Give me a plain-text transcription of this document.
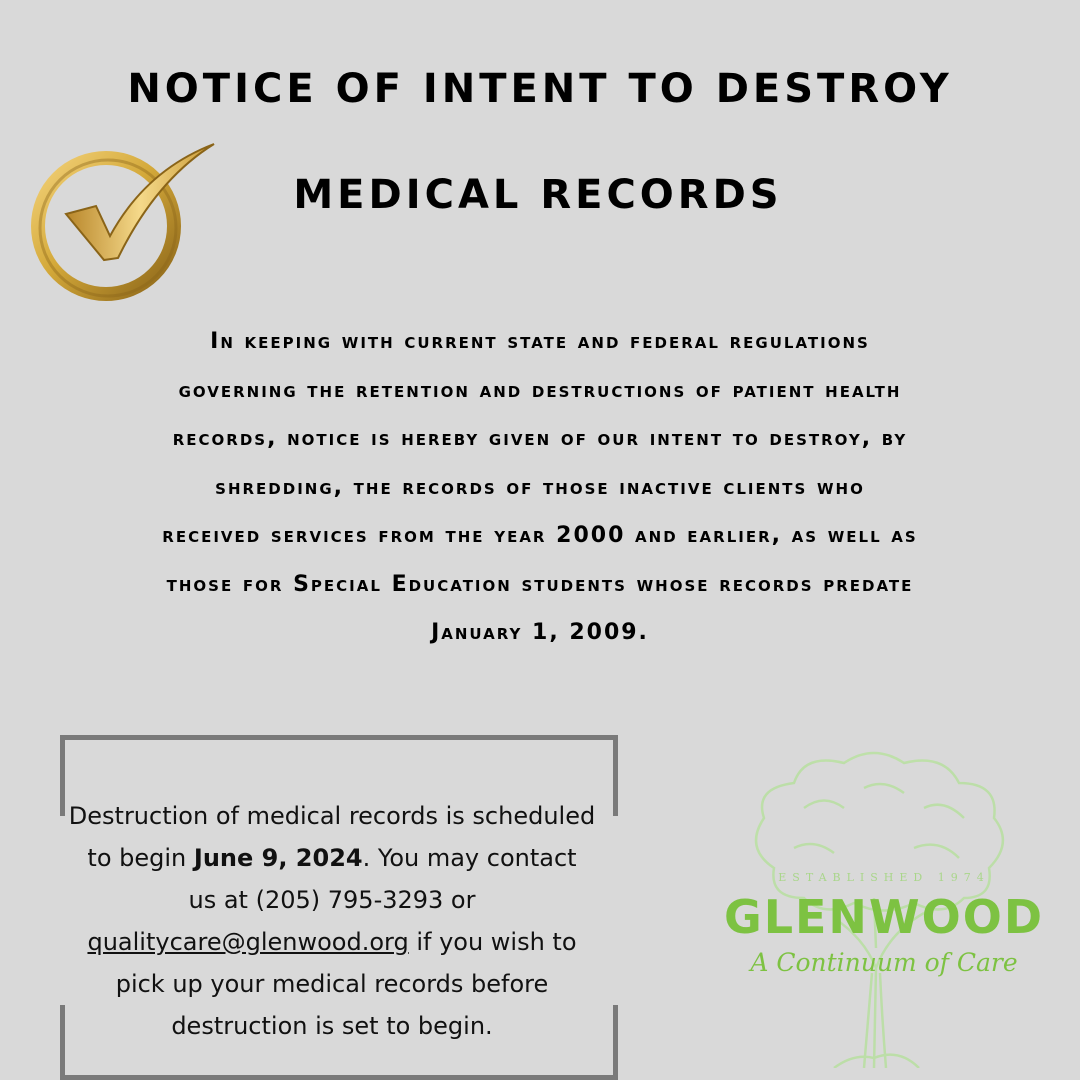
NOTICE OF INTENT TO DESTROY
MEDICAL RECORDS
In keeping with current state and federal regulations
governing the retention and destructions of patient health
records, notice is hereby given of our intent to destroy, by
shredding, the records of those inactive clients who
received services from the year 2000 and earlier, as well as
those for Special Education students whose records predate
January 1, 2009.
Destruction of medical records is scheduled
to begin June 9, 2024. You may contact
us at (205) 795-3293 or
qualitycare@glenwood.org if you wish to
pick up your medical records before
destruction is set to begin.
ESTABLISHED 1974
GLENWOOD
A Continuum of Care
